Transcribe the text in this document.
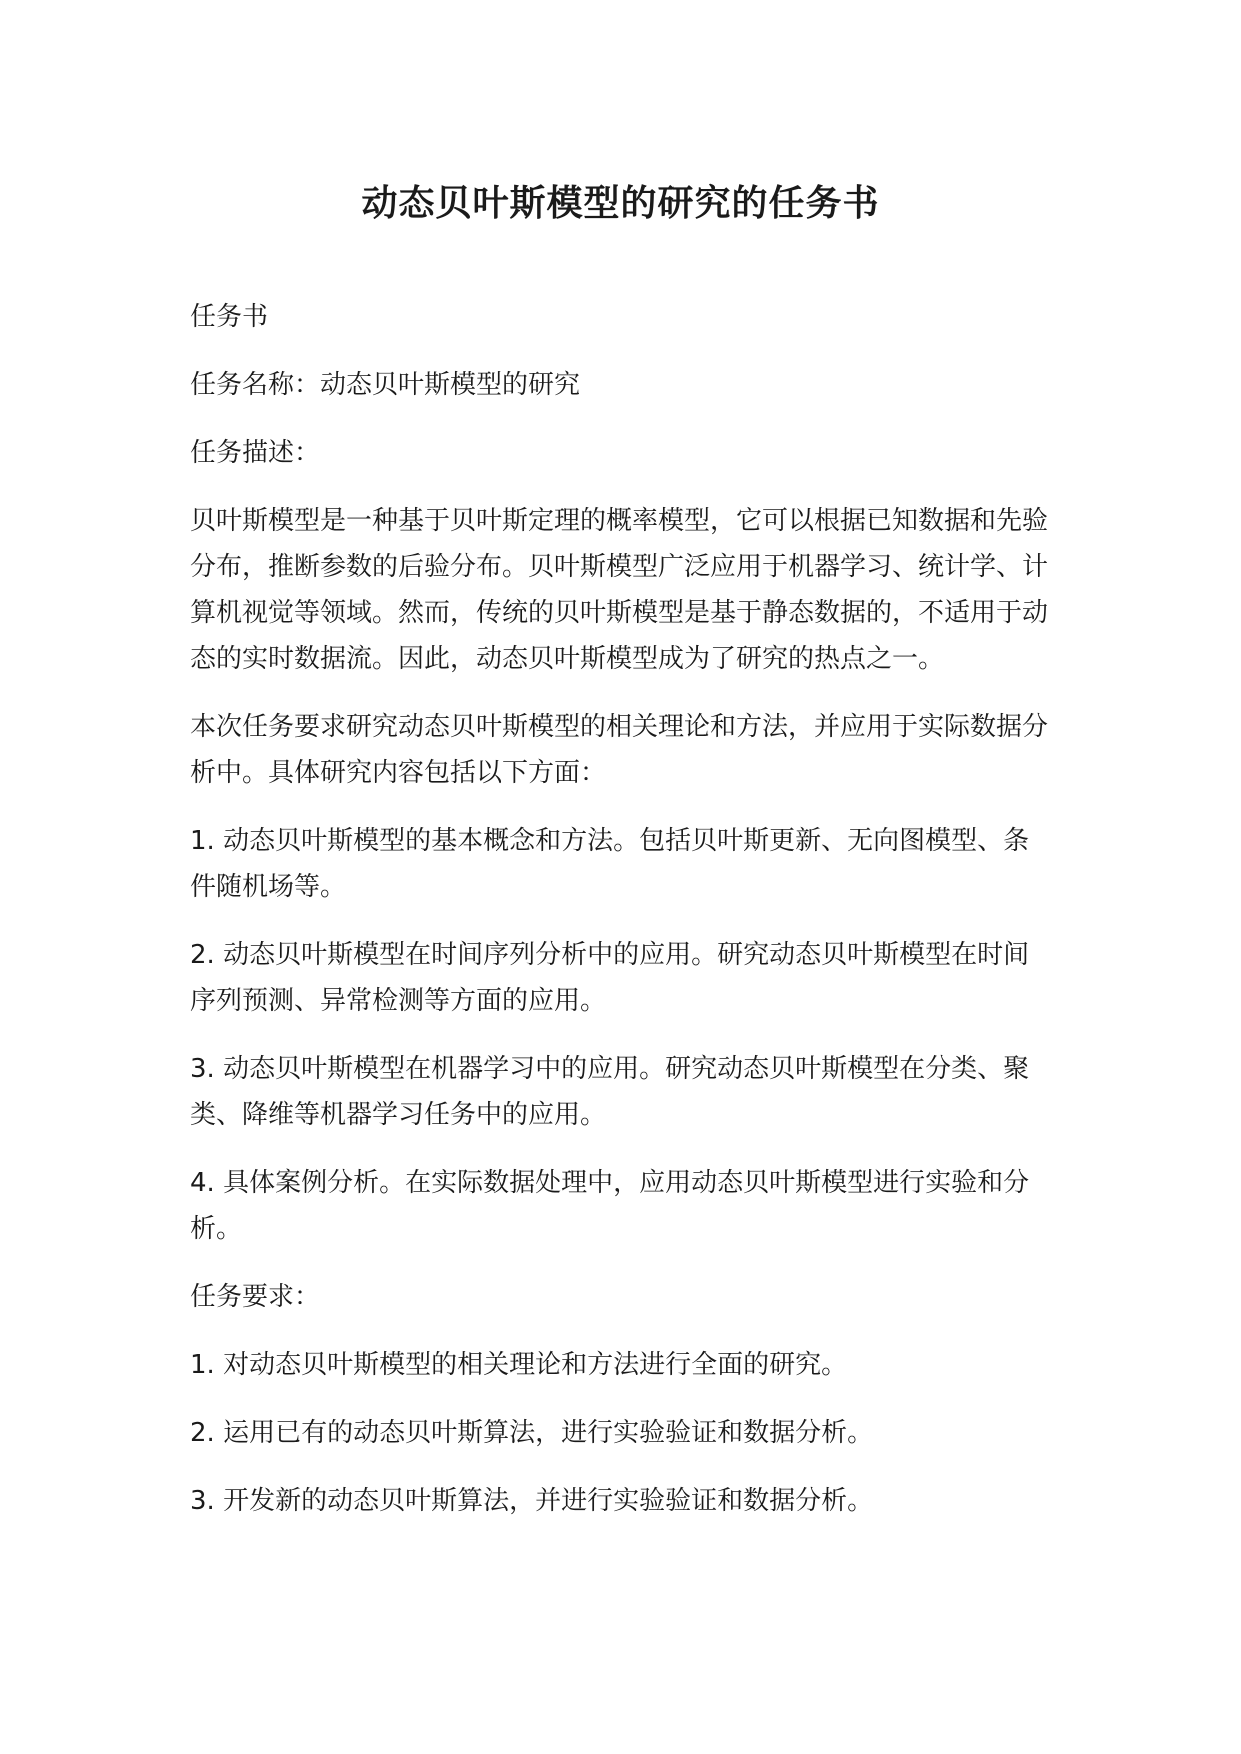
动态贝叶斯模型的研究的任务书

任务书

任务名称：动态贝叶斯模型的研究

任务描述：

贝叶斯模型是一种基于贝叶斯定理的概率模型，它可以根据已知数据和先验分布，推断参数的后验分布。贝叶斯模型广泛应用于机器学习、统计学、计算机视觉等领域。然而，传统的贝叶斯模型是基于静态数据的，不适用于动态的实时数据流。因此，动态贝叶斯模型成为了研究的热点之一。

本次任务要求研究动态贝叶斯模型的相关理论和方法，并应用于实际数据分析中。具体研究内容包括以下方面：

1. 动态贝叶斯模型的基本概念和方法。包括贝叶斯更新、无向图模型、条件随机场等。

2. 动态贝叶斯模型在时间序列分析中的应用。研究动态贝叶斯模型在时间序列预测、异常检测等方面的应用。

3. 动态贝叶斯模型在机器学习中的应用。研究动态贝叶斯模型在分类、聚类、降维等机器学习任务中的应用。

4. 具体案例分析。在实际数据处理中，应用动态贝叶斯模型进行实验和分析。

任务要求：

1. 对动态贝叶斯模型的相关理论和方法进行全面的研究。

2. 运用已有的动态贝叶斯算法，进行实验验证和数据分析。

3. 开发新的动态贝叶斯算法，并进行实验验证和数据分析。
